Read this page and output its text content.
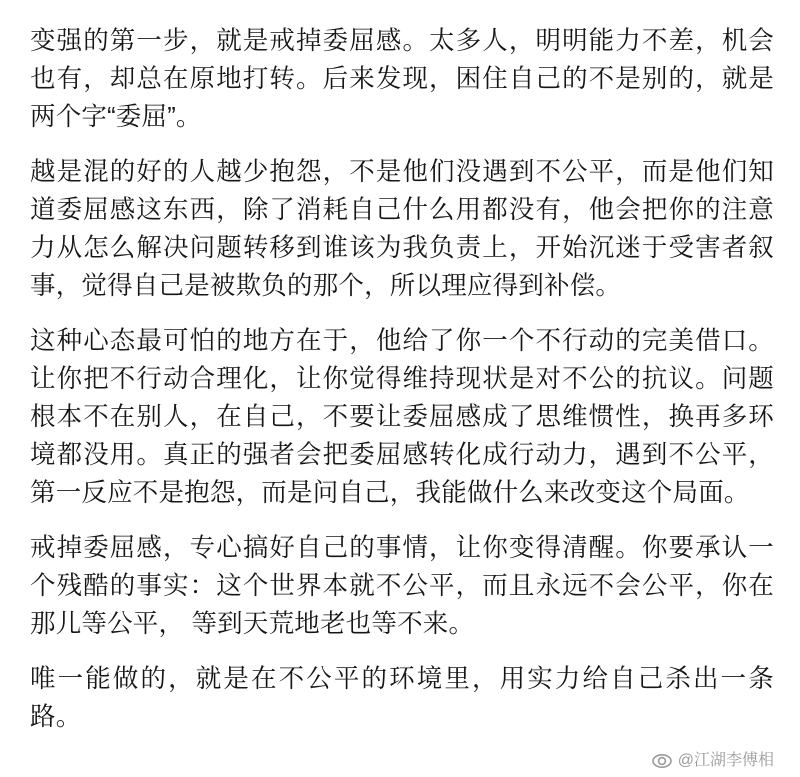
变强的第一步，就是戒掉委屈感。太多人，明明能力不差，机会也有，却总在原地打转。后来发现，困住自己的不是别的，就是两个字“委屈”。

越是混的好的人越少抱怨，不是他们没遇到不公平，而是他们知道委屈感这东西，除了消耗自己什么用都没有，他会把你的注意力从怎么解决问题转移到谁该为我负责上，开始沉迷于受害者叙事，觉得自己是被欺负的那个，所以理应得到补偿。

这种心态最可怕的地方在于，他给了你一个不行动的完美借口。让你把不行动合理化，让你觉得维持现状是对不公的抗议。问题根本不在别人，在自己，不要让委屈感成了思维惯性，换再多环境都没用。真正的强者会把委屈感转化成行动力，遇到不公平，第一反应不是抱怨，而是问自己，我能做什么来改变这个局面。

戒掉委屈感，专心搞好自己的事情，让你变得清醒。你要承认一个残酷的事实：这个世界本就不公平，而且永远不会公平，你在那儿等公平， 等到天荒地老也等不来。

唯一能做的，就是在不公平的环境里，用实力给自己杀出一条路。

@江湖李傅相
